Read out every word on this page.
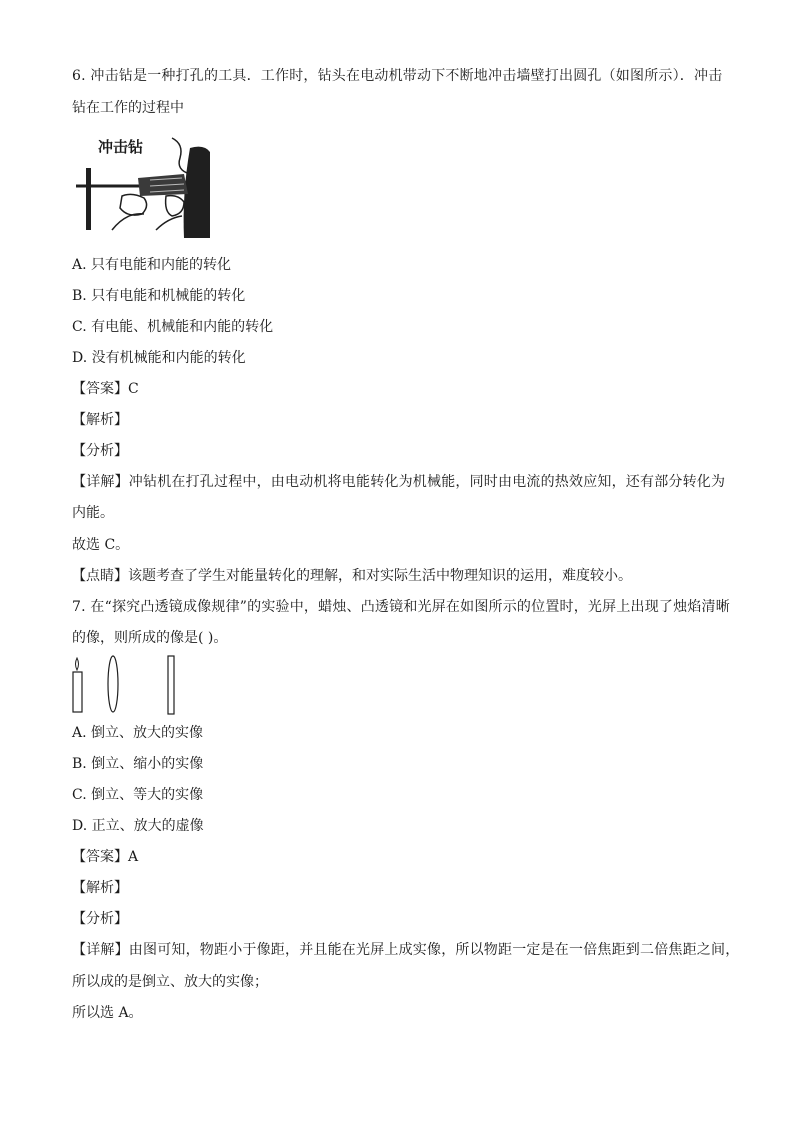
6. 冲击钻是一种打孔的工具．工作时，钻头在电动机带动下不断地冲击墙壁打出圆孔（如图所示）．冲击
钻在工作的过程中
冲击钻
A. 只有电能和内能的转化
B. 只有电能和机械能的转化
C. 有电能、机械能和内能的转化
D. 没有机械能和内能的转化
【答案】C
【解析】
【分析】
【详解】冲钻机在打孔过程中，由电动机将电能转化为机械能，同时由电流的热效应知，还有部分转化为
内能。
故选 C。
【点睛】该题考查了学生对能量转化的理解，和对实际生活中物理知识的运用，难度较小。
7. 在“探究凸透镜成像规律”的实验中，蜡烛、凸透镜和光屏在如图所示的位置时，光屏上出现了烛焰清晰
的像，则所成的像是( )。
A. 倒立、放大的实像
B. 倒立、缩小的实像
C. 倒立、等大的实像
D. 正立、放大的虚像
【答案】A
【解析】
【分析】
【详解】由图可知，物距小于像距，并且能在光屏上成实像，所以物距一定是在一倍焦距到二倍焦距之间，
所以成的是倒立、放大的实像；
所以选 A。
